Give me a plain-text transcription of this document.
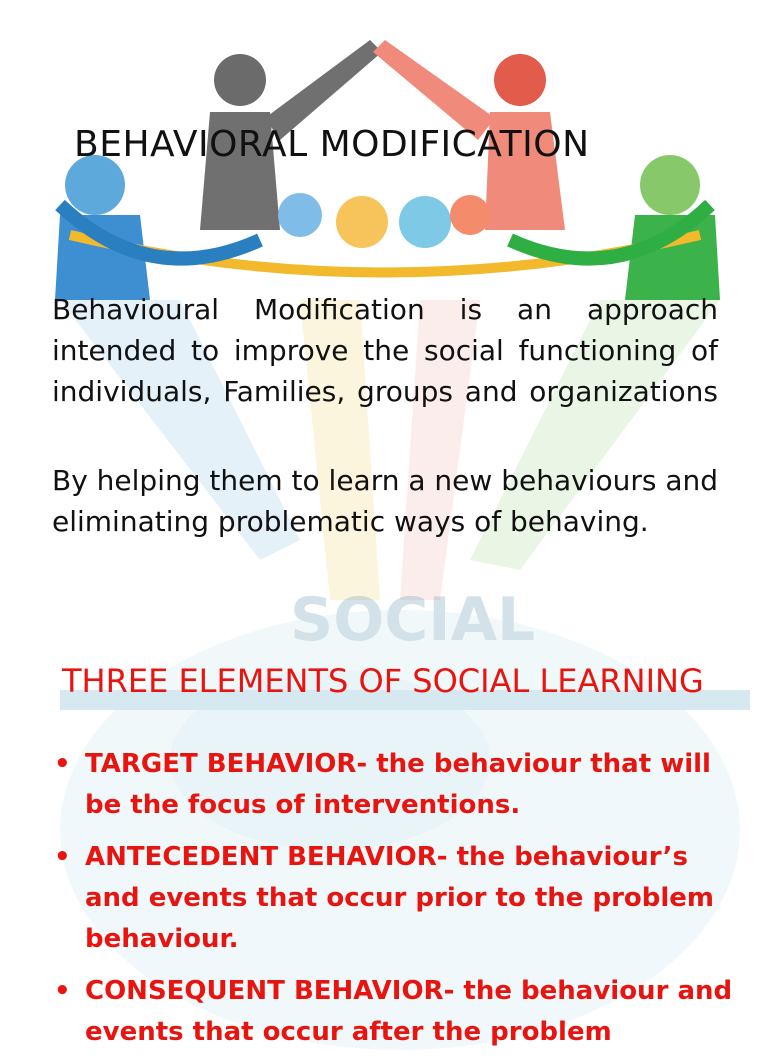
SOCIAL
BEHAVIORAL MODIFICATION
Behavioural Modification is an approach
intended to improve the social functioning of
individuals, Families, groups and organizations
By helping them to learn a new behaviours and eliminating problematic ways of behaving.
THREE ELEMENTS OF SOCIAL LEARNING
• TARGET BEHAVIOR- the behaviour that will be the focus of interventions.
• ANTECEDENT BEHAVIOR- the behaviour’s and events that occur prior to the problem behaviour.
• CONSEQUENT BEHAVIOR- the behaviour and events that occur after the problem
